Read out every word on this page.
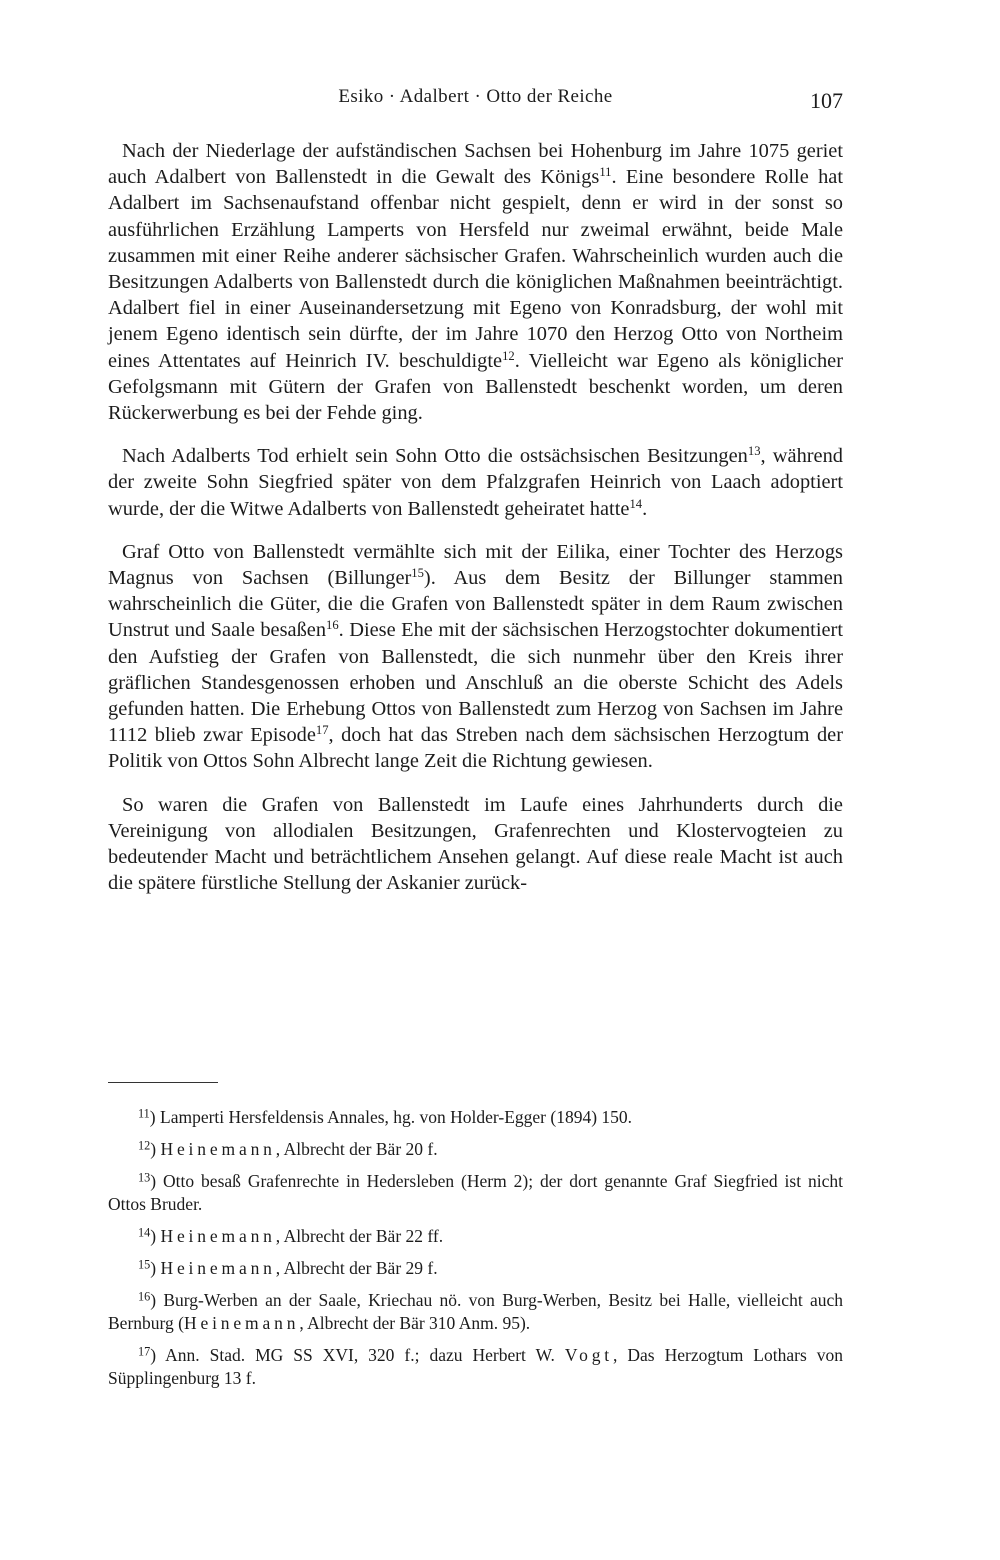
Esiko · Adalbert · Otto der Reiche	107

Nach der Niederlage der aufständischen Sachsen bei Hohenburg im Jahre 1075 geriet auch Adalbert von Ballenstedt in die Gewalt des Königs$^{11}$. Eine besondere Rolle hat Adalbert im Sachsenaufstand offenbar nicht gespielt, denn er wird in der sonst so ausführlichen Erzählung Lamperts von Hersfeld nur zweimal erwähnt, beide Male zusammen mit einer Reihe anderer sächsischer Grafen. Wahrscheinlich wurden auch die Besitzungen Adalberts von Ballenstedt durch die königlichen Maßnahmen beeinträchtigt. Adalbert fiel in einer Auseinandersetzung mit Egeno von Konradsburg, der wohl mit jenem Egeno identisch sein dürfte, der im Jahre 1070 den Herzog Otto von Northeim eines Attentates auf Heinrich IV. beschuldigte$^{12}$. Vielleicht war Egeno als königlicher Gefolgsmann mit Gütern der Grafen von Ballenstedt beschenkt worden, um deren Rückerwerbung es bei der Fehde ging.

Nach Adalberts Tod erhielt sein Sohn Otto die ostsächsischen Besitzungen$^{13}$, während der zweite Sohn Siegfried später von dem Pfalzgrafen Heinrich von Laach adoptiert wurde, der die Witwe Adalberts von Ballenstedt geheiratet hatte$^{14}$.

Graf Otto von Ballenstedt vermählte sich mit der Eilika, einer Tochter des Herzogs Magnus von Sachsen (Billunger$^{15}$). Aus dem Besitz der Billunger stammen wahrscheinlich die Güter, die die Grafen von Ballenstedt später in dem Raum zwischen Unstrut und Saale besaßen$^{16}$. Diese Ehe mit der sächsischen Herzogstochter dokumentiert den Aufstieg der Grafen von Ballenstedt, die sich nunmehr über den Kreis ihrer gräflichen Standesgenossen erhoben und Anschluß an die oberste Schicht des Adels gefunden hatten. Die Erhebung Ottos von Ballenstedt zum Herzog von Sachsen im Jahre 1112 blieb zwar Episode$^{17}$, doch hat das Streben nach dem sächsischen Herzogtum der Politik von Ottos Sohn Albrecht lange Zeit die Richtung gewiesen.

So waren die Grafen von Ballenstedt im Laufe eines Jahrhunderts durch die Vereinigung von allodialen Besitzungen, Grafenrechten und Klostervogteien zu bedeutender Macht und beträchtlichem Ansehen gelangt. Auf diese reale Macht ist auch die spätere fürstliche Stellung der Askanier zurück-

$^{11}$) Lamperti Hersfeldensis Annales, hg. von Holder-Egger (1894) 150.
$^{12}$) Heinemann, Albrecht der Bär 20 f.
$^{13}$) Otto besaß Grafenrechte in Hedersleben (Herm 2); der dort genannte Graf Siegfried ist nicht Ottos Bruder.
$^{14}$) Heinemann, Albrecht der Bär 22 ff.
$^{15}$) Heinemann, Albrecht der Bär 29 f.
$^{16}$) Burg-Werben an der Saale, Kriechau nö. von Burg-Werben, Besitz bei Halle, vielleicht auch Bernburg (Heinemann, Albrecht der Bär 310 Anm. 95).
$^{17}$) Ann. Stad. MG SS XVI, 320 f.; dazu Herbert W. Vogt, Das Herzogtum Lothars von Süpplingenburg 13 f.
